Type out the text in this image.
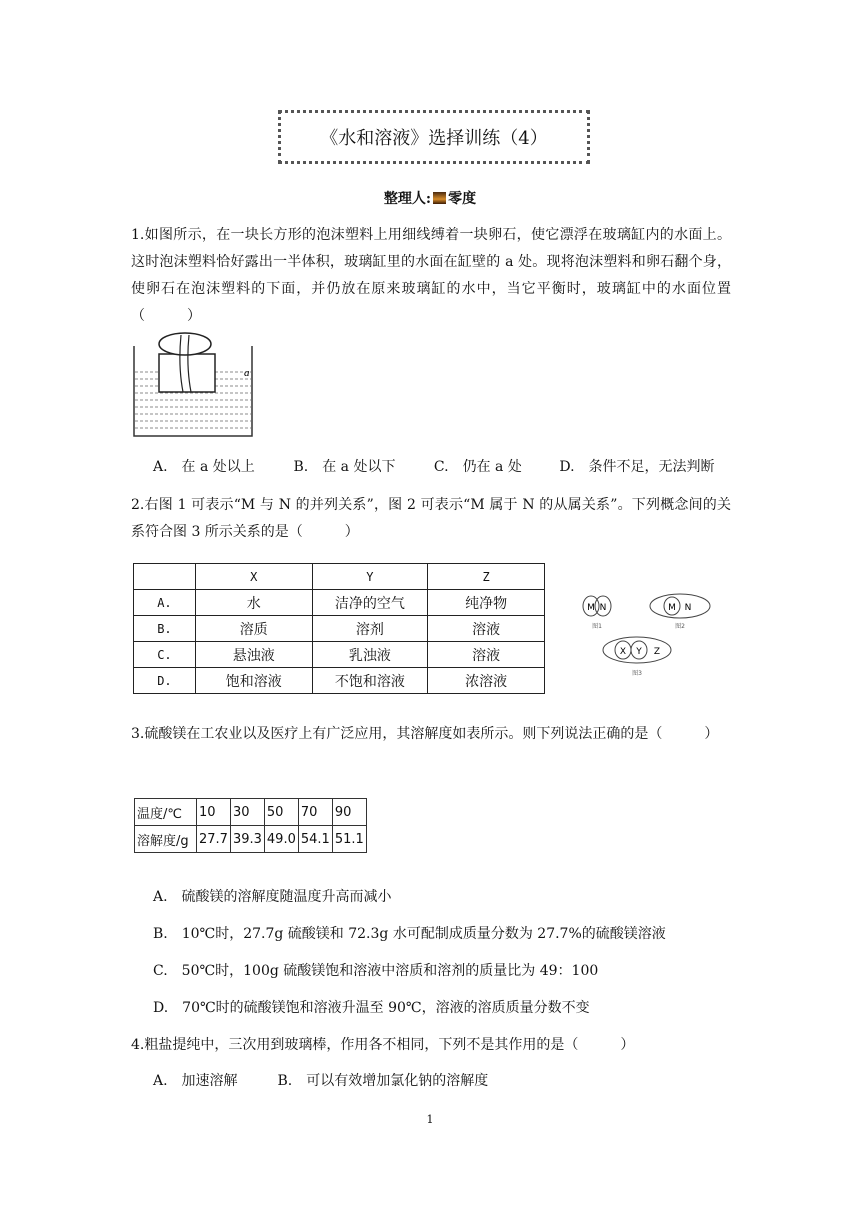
《水和溶液》选择训练（4）
整理人: 零度
1.如图所示，在一块长方形的泡沫塑料上用细线缚着一块卵石，使它漂浮在玻璃缸内的水面上。这时泡沫塑料恰好露出一半体积，玻璃缸里的水面在缸壁的 a 处。现将泡沫塑料和卵石翻个身，使卵石在泡沫塑料的下面，并仍放在原来玻璃缸的水中，当它平衡时，玻璃缸中的水面位置（　　　）
a
A.　在 a 处以上	B.　在 a 处以下	C.　仍在 a 处	D.　条件不足，无法判断
2.右图 1 可表示“M 与 N 的并列关系”，图 2 可表示“M 属于 N 的从属关系”。下列概念间的关系符合图 3 所示关系的是（　　　）
	X	Y	Z
A.	水	洁净的空气	纯净物
B.	溶质	溶剂	溶液
C.	悬浊液	乳浊液	溶液
D.	饱和溶液	不饱和溶液	浓溶液
M N
图1
M N
图2
X Y Z
图3
3.硫酸镁在工农业以及医疗上有广泛应用，其溶解度如表所示。则下列说法正确的是（　　　）
温度/℃	10	30	50	70	90
溶解度/g	27.7	39.3	49.0	54.1	51.1
A.　硫酸镁的溶解度随温度升高而减小
B.　10℃时，27.7g 硫酸镁和 72.3g 水可配制成质量分数为 27.7%的硫酸镁溶液
C.　50℃时，100g 硫酸镁饱和溶液中溶质和溶剂的质量比为 49：100
D.　70℃时的硫酸镁饱和溶液升温至 90℃，溶液的溶质质量分数不变
4.粗盐提纯中，三次用到玻璃棒，作用各不相同，下列不是其作用的是（　　　）
A.　加速溶解	B.　可以有效增加氯化钠的溶解度
1
